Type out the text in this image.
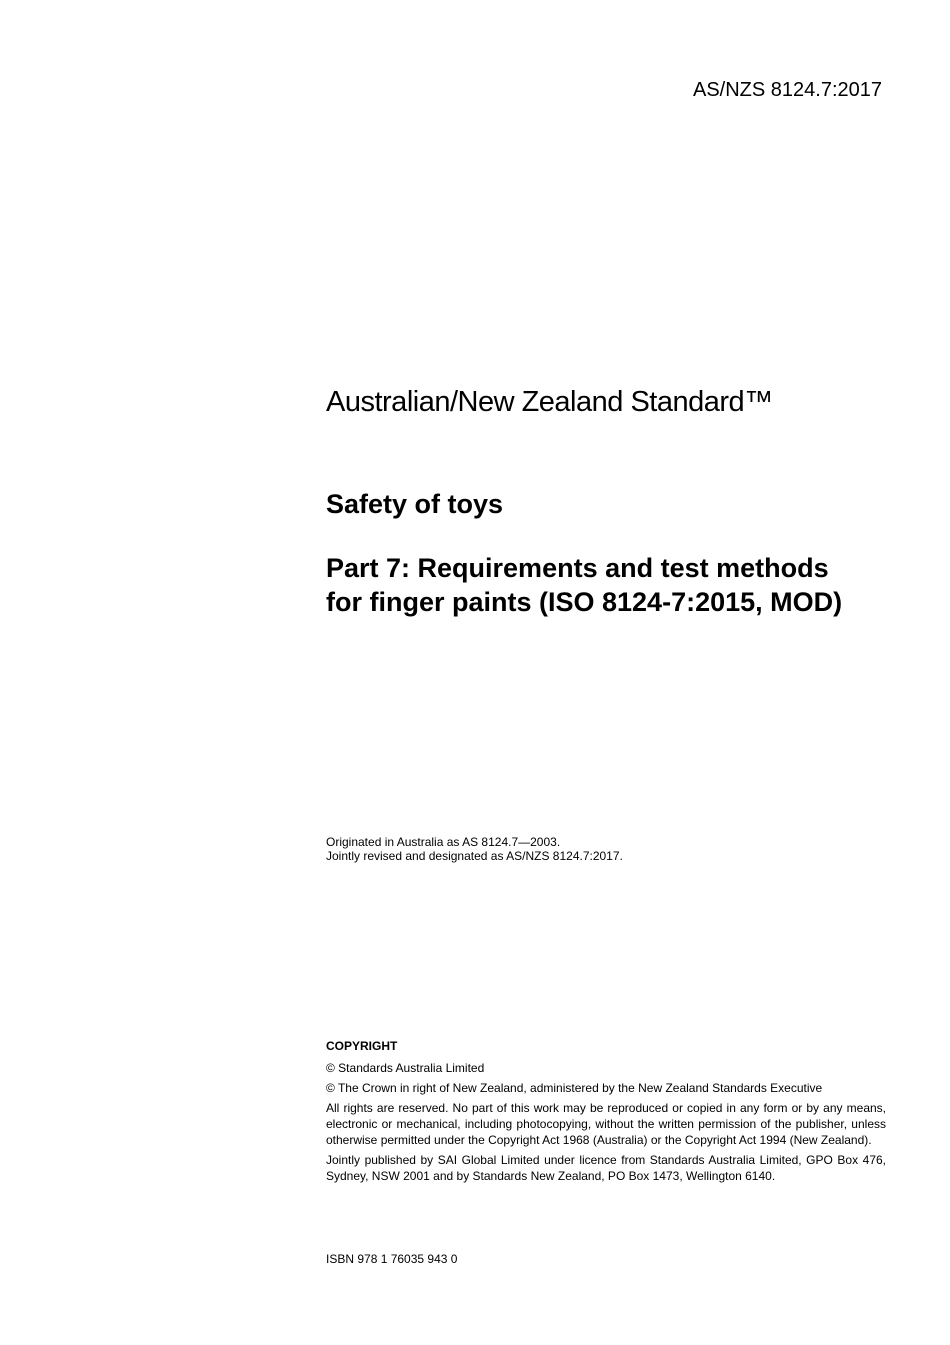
AS/NZS 8124.7:2017

Australian/New Zealand Standard™
Safety of toys
Part 7: Requirements and test methods
for finger paints (ISO 8124-7:2015, MOD)

Originated in Australia as AS 8124.7—2003.
Jointly revised and designated as AS/NZS 8124.7:2017.

COPYRIGHT

© Standards Australia Limited

© The Crown in right of New Zealand, administered by the New Zealand Standards Executive

All rights are reserved. No part of this work may be reproduced or copied in any form or by any means, electronic or mechanical, including photocopying, without the written permission of the publisher, unless otherwise permitted under the Copyright Act 1968 (Australia) or the Copyright Act 1994 (New Zealand).

Jointly published by SAI Global Limited under licence from Standards Australia Limited, GPO Box 476, Sydney, NSW 2001 and by Standards New Zealand, PO Box 1473, Wellington 6140.

ISBN 978 1 76035 943 0
